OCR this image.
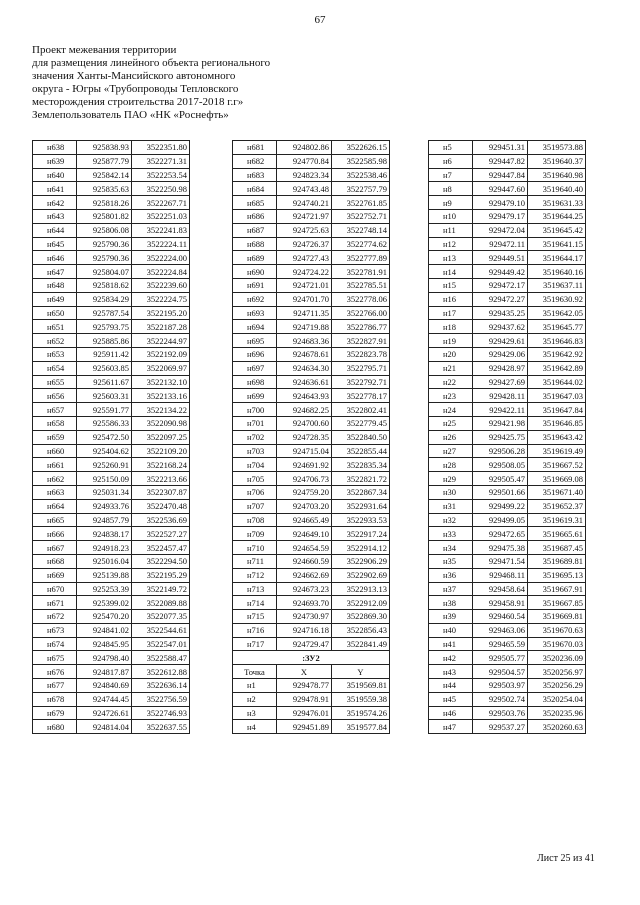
67
Проект межевания территории
для размещения линейного объекта регионального
значения Ханты-Мансийского автономного
округа - Югры «Трубопроводы Тепловского
месторождения строительства 2017-2018 г.г»
Землепользователь ПАО «НК «Роснефть»
н638	925838.93	3522351.80
н639	925877.79	3522271.31
н640	925842.14	3522253.54
н641	925835.63	3522250.98
н642	925818.26	3522267.71
н643	925801.82	3522251.03
н644	925806.08	3522241.83
н645	925790.36	3522224.11
н646	925790.36	3522224.00
н647	925804.07	3522224.84
н648	925818.62	3522239.60
н649	925834.29	3522224.75
н650	925787.54	3522195.20
н651	925793.75	3522187.28
н652	925885.86	3522244.97
н653	925911.42	3522192.09
н654	925603.85	3522069.97
н655	925611.67	3522132.10
н656	925603.31	3522133.16
н657	925591.77	3522134.22
н658	925586.33	3522090.98
н659	925472.50	3522097.25
н660	925404.62	3522109.20
н661	925260.91	3522168.24
н662	925150.09	3522213.66
н663	925031.34	3522307.87
н664	924933.76	3522470.48
н665	924857.79	3522536.69
н666	924838.17	3522527.27
н667	924918.23	3522457.47
н668	925016.04	3522294.50
н669	925139.88	3522195.29
н670	925253.39	3522149.72
н671	925399.02	3522089.88
н672	925470.20	3522077.35
н673	924841.02	3522544.61
н674	924845.95	3522547.01
н675	924798.40	3522588.47
н676	924817.87	3522612.88
н677	924840.69	3522636.14
н678	924744.45	3522756.59
н679	924726.61	3522746.93
н680	924814.04	3522637.55
н681	924802.86	3522626.15
н682	924770.84	3522585.98
н683	924823.34	3522538.46
н684	924743.48	3522757.79
н685	924740.21	3522761.85
н686	924721.97	3522752.71
н687	924725.63	3522748.14
н688	924726.37	3522774.62
н689	924727.43	3522777.89
н690	924724.22	3522781.91
н691	924721.01	3522785.51
н692	924701.70	3522778.06
н693	924711.35	3522766.00
н694	924719.88	3522786.77
н695	924683.36	3522827.91
н696	924678.61	3522823.78
н697	924634.30	3522795.71
н698	924636.61	3522792.71
н699	924643.93	3522778.17
н700	924682.25	3522802.41
н701	924700.60	3522779.45
н702	924728.35	3522840.50
н703	924715.04	3522855.44
н704	924691.92	3522835.34
н705	924706.73	3522821.72
н706	924759.20	3522867.34
н707	924703.20	3522931.64
н708	924665.49	3522933.53
н709	924649.10	3522917.24
н710	924654.59	3522914.12
н711	924660.59	3522906.29
н712	924662.69	3522902.69
н713	924673.23	3522913.13
н714	924693.70	3522912.09
н715	924730.97	3522869.30
н716	924716.18	3522856.43
н717	924729.47	3522841.49
:ЗУ2		
Точка	X	Y
н1	929478.77	3519569.81
н2	929478.91	3519559.38
н3	929476.01	3519574.26
н4	929451.89	3519577.84
н5	929451.31	3519573.88
н6	929447.82	3519640.37
н7	929447.84	3519640.98
н8	929447.60	3519640.40
н9	929479.10	3519631.33
н10	929479.17	3519644.25
н11	929472.04	3519645.42
н12	929472.11	3519641.15
н13	929449.51	3519644.17
н14	929449.42	3519640.16
н15	929472.17	3519637.11
н16	929472.27	3519630.92
н17	929435.25	3519642.05
н18	929437.62	3519645.77
н19	929429.61	3519646.83
н20	929429.06	3519642.92
н21	929428.97	3519642.89
н22	929427.69	3519644.02
н23	929428.11	3519647.03
н24	929422.11	3519647.84
н25	929421.98	3519646.85
н26	929425.75	3519643.42
н27	929506.28	3519619.49
н28	929508.05	3519667.52
н29	929505.47	3519669.08
н30	929501.66	3519671.40
н31	929499.22	3519652.37
н32	929499.05	3519619.31
н33	929472.65	3519665.61
н34	929475.38	3519687.45
н35	929471.54	3519689.81
н36	929468.11	3519695.13
н37	929458.64	3519667.91
н38	929458.91	3519667.85
н39	929460.54	3519669.81
н40	929463.06	3519670.63
н41	929465.59	3519670.03
н42	929505.77	3520236.09
н43	929504.57	3520256.97
н44	929503.97	3520256.29
н45	929502.74	3520254.04
н46	929503.76	3520235.96
н47	929537.27	3520260.63
Лист 25 из 41
